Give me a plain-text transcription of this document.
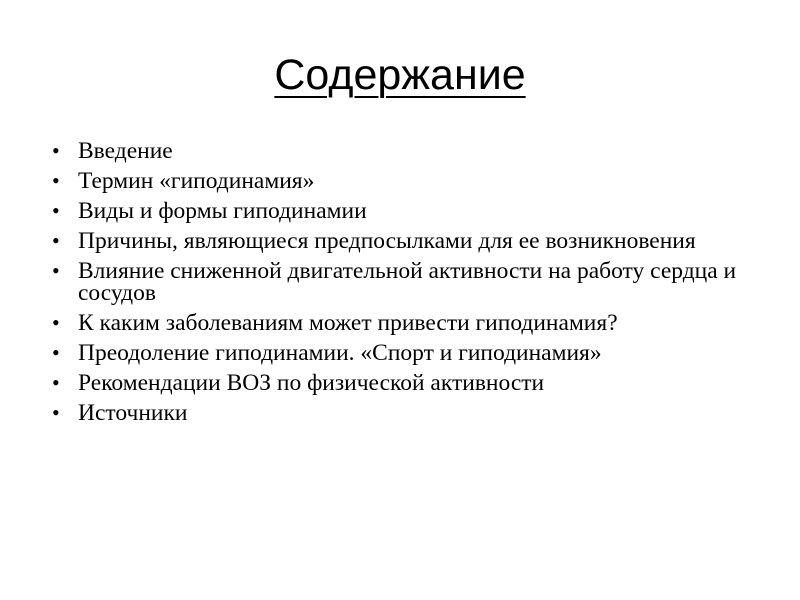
Содержание
• Введение
• Термин «гиподинамия»
• Виды и формы гиподинамии
• Причины, являющиеся предпосылками для ее возникновения
• Влияние сниженной двигательной активности на работу сердца и сосудов
• К каким заболеваниям может привести гиподинамия?
• Преодоление гиподинамии. «Спорт и гиподинамия»
• Рекомендации ВОЗ по физической активности
• Источники
